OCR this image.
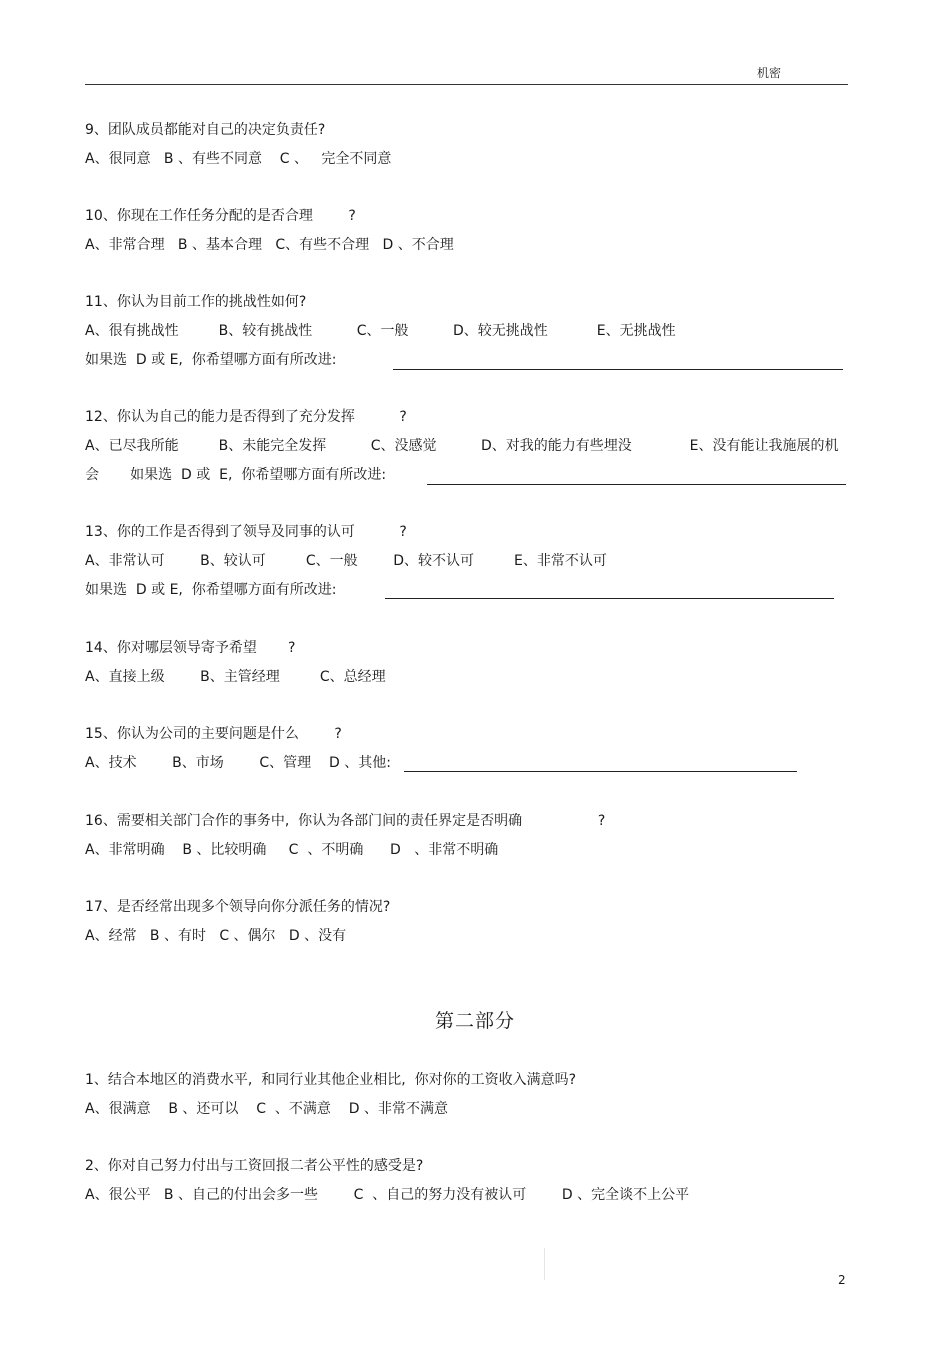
机密

9、团队成员都能对自己的决定负责任?

A、很同意   B 、有些不同意    C 、   完全不同意

10、你现在工作任务分配的是否合理        ?

A、非常合理   B 、基本合理   C、有些不合理   D 、不合理

11、你认为目前工作的挑战性如何?

A、很有挑战性         B、较有挑战性          C、一般          D、较无挑战性           E、无挑战性

如果选  D 或 E,  你希望哪方面有所改进:

12、你认为自己的能力是否得到了充分发挥          ?

A、已尽我所能         B、未能完全发挥          C、没感觉          D、对我的能力有些埋没             E、没有能让我施展的机

会       如果选  D 或  E,  你希望哪方面有所改进:

13、你的工作是否得到了领导及同事的认可          ?

A、非常认可        B、较认可         C、一般        D、较不认可         E、非常不认可

如果选  D 或 E,  你希望哪方面有所改进:

14、你对哪层领导寄予希望       ?

A、直接上级        B、主管经理         C、总经理

15、你认为公司的主要问题是什么        ?

A、技术        B、市场        C、管理    D 、其他:

16、需要相关部门合作的事务中,  你认为各部门间的责任界定是否明确                 ?

A、非常明确    B 、比较明确     C  、不明确      D   、非常不明确

17、是否经常出现多个领导向你分派任务的情况?

A、经常   B 、有时   C 、偶尔   D 、没有

第二部分

1、结合本地区的消费水平,  和同行业其他企业相比,  你对你的工资收入满意吗?

A、很满意    B 、还可以    C  、不满意    D 、非常不满意

2、你对自己努力付出与工资回报二者公平性的感受是?

A、很公平   B 、自己的付出会多一些        C  、自己的努力没有被认可        D 、完全谈不上公平

2
